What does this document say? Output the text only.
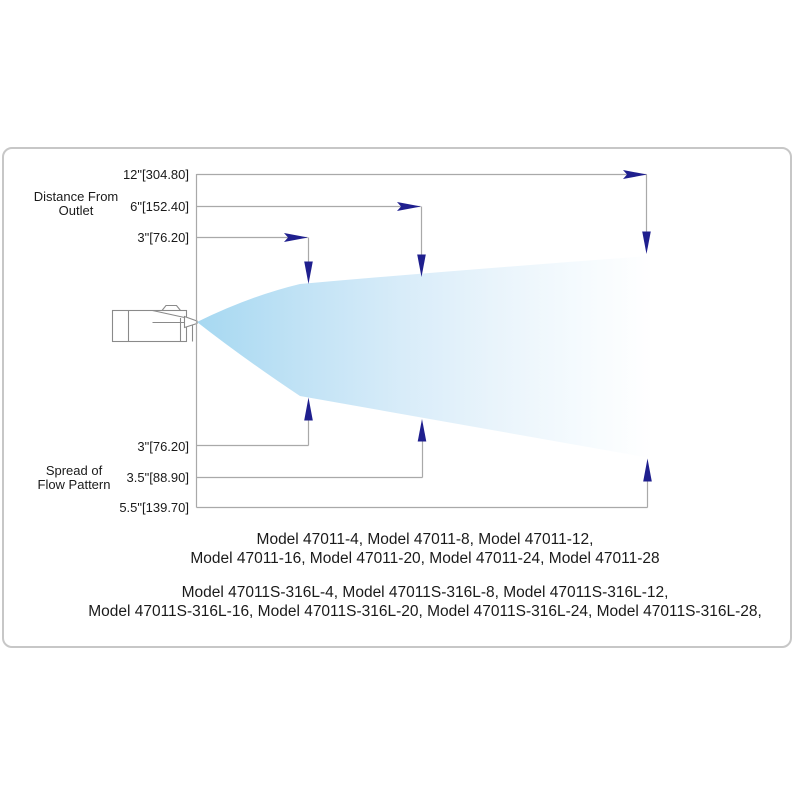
Distance From
Outlet
12"[304.80]
6"[152.40]
3"[76.20]
Spread of
Flow Pattern
3"[76.20]
3.5"[88.90]
5.5"[139.70]
Model 47011-4, Model 47011-8, Model 47011-12,
Model 47011-16, Model 47011-20, Model 47011-24, Model 47011-28
Model 47011S-316L-4, Model 47011S-316L-8, Model 47011S-316L-12,
Model 47011S-316L-16, Model 47011S-316L-20, Model 47011S-316L-24, Model 47011S-316L-28,
